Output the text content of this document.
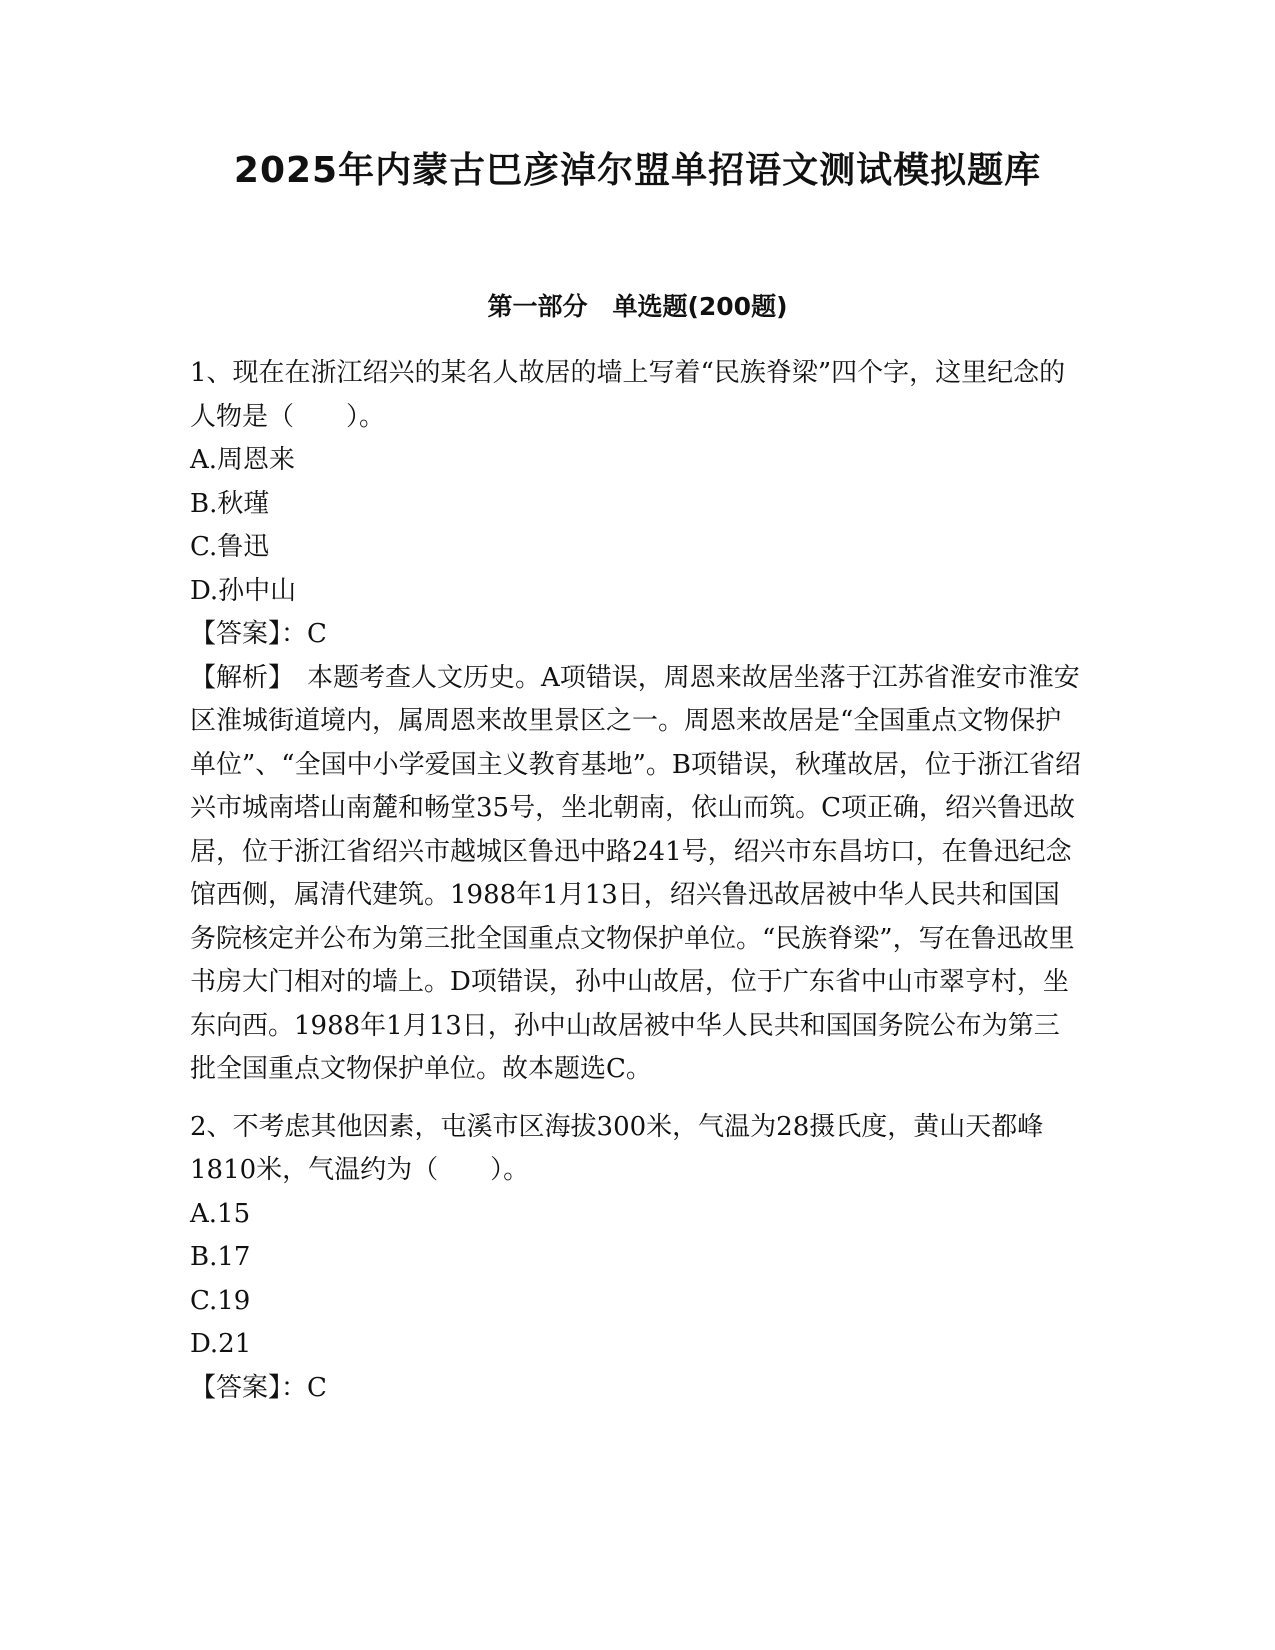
2025年内蒙古巴彦淖尔盟单招语文测试模拟题库
第一部分　单选题(200题)

1、现在在浙江绍兴的某名人故居的墙上写着“民族脊梁”四个字，这里纪念的人物是（　　）。

A.周恩来

B.秋瑾

C.鲁迅

D.孙中山

【答案】：C

【解析】　本题考查人文历史。A项错误，周恩来故居坐落于江苏省淮安市淮安区淮城街道境内，属周恩来故里景区之一。周恩来故居是“全国重点文物保护单位”、“全国中小学爱国主义教育基地”。B项错误，秋瑾故居，位于浙江省绍兴市城南塔山南麓和畅堂35号，坐北朝南，依山而筑。C项正确，绍兴鲁迅故居，位于浙江省绍兴市越城区鲁迅中路241号，绍兴市东昌坊口，在鲁迅纪念馆西侧，属清代建筑。1988年1月13日，绍兴鲁迅故居被中华人民共和国国务院核定并公布为第三批全国重点文物保护单位。“民族脊梁”，写在鲁迅故里书房大门相对的墙上。D项错误，孙中山故居，位于广东省中山市翠亨村，坐东向西。1988年1月13日，孙中山故居被中华人民共和国国务院公布为第三批全国重点文物保护单位。故本题选C。

2、不考虑其他因素，屯溪市区海拔300米，气温为28摄氏度，黄山天都峰1810米，气温约为（　　）。

A.15

B.17

C.19

D.21

【答案】：C
